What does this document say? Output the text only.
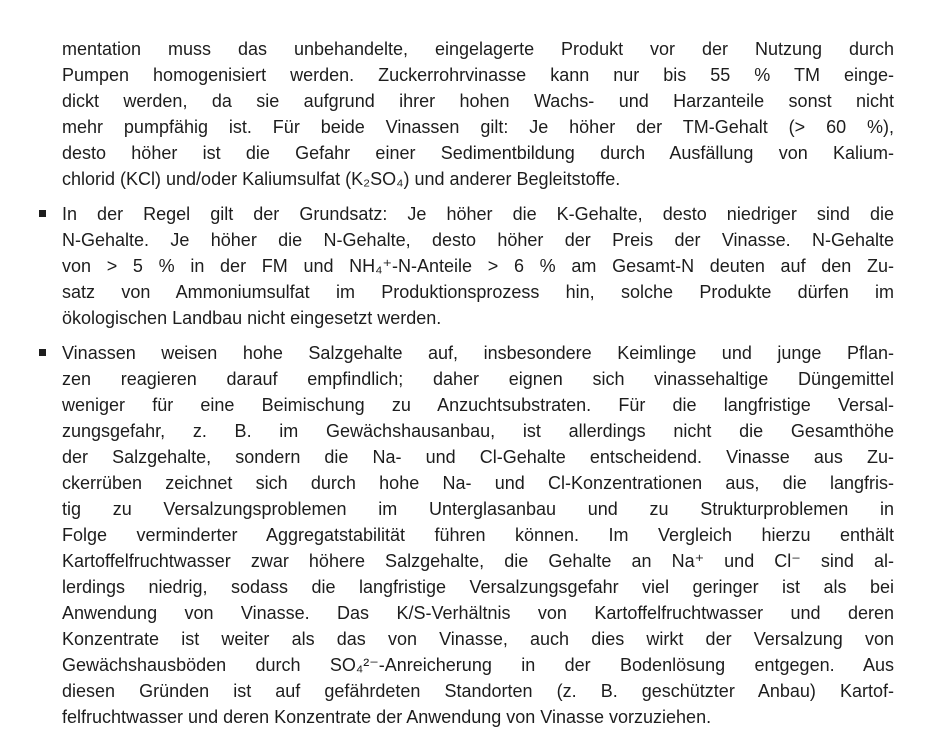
mentation muss das unbehandelte, eingelagerte Produkt vor der Nutzung durch
Pumpen homogenisiert werden. Zuckerrohrvinasse kann nur bis 55 % TM einge-
dickt werden, da sie aufgrund ihrer hohen Wachs- und Harzanteile sonst nicht
mehr pumpfähig ist. Für beide Vinassen gilt: Je höher der TM-Gehalt (> 60 %),
desto höher ist die Gefahr einer Sedimentbildung durch Ausfällung von Kalium-
chlorid (KCl) und/oder Kaliumsulfat (K₂SO₄) und anderer Begleitstoffe.
In der Regel gilt der Grundsatz: Je höher die K-Gehalte, desto niedriger sind die
N-Gehalte. Je höher die N-Gehalte, desto höher der Preis der Vinasse. N-Gehalte
von > 5 % in der FM und NH₄⁺-N-Anteile > 6 % am Gesamt-N deuten auf den Zu-
satz von Ammoniumsulfat im Produktionsprozess hin, solche Produkte dürfen im
ökologischen Landbau nicht eingesetzt werden.
Vinassen weisen hohe Salzgehalte auf, insbesondere Keimlinge und junge Pflan-
zen reagieren darauf empfindlich; daher eignen sich vinassehaltige Düngemittel
weniger für eine Beimischung zu Anzuchtsubstraten. Für die langfristige Versal-
zungsgefahr, z. B. im Gewächshausanbau, ist allerdings nicht die Gesamthöhe
der Salzgehalte, sondern die Na- und Cl-Gehalte entscheidend. Vinasse aus Zu-
ckerrüben zeichnet sich durch hohe Na- und Cl-Konzentrationen aus, die langfris-
tig zu Versalzungsproblemen im Unterglasanbau und zu Strukturproblemen in
Folge verminderter Aggregatstabilität führen können. Im Vergleich hierzu enthält
Kartoffelfruchtwasser zwar höhere Salzgehalte, die Gehalte an Na⁺ und Cl⁻ sind al-
lerdings niedrig, sodass die langfristige Versalzungsgefahr viel geringer ist als bei
Anwendung von Vinasse. Das K/S-Verhältnis von Kartoffelfruchtwasser und deren
Konzentrate ist weiter als das von Vinasse, auch dies wirkt der Versalzung von
Gewächshausböden durch SO₄²⁻-Anreicherung in der Bodenlösung entgegen. Aus
diesen Gründen ist auf gefährdeten Standorten (z. B. geschützter Anbau) Kartof-
felfruchtwasser und deren Konzentrate der Anwendung von Vinasse vorzuziehen.
